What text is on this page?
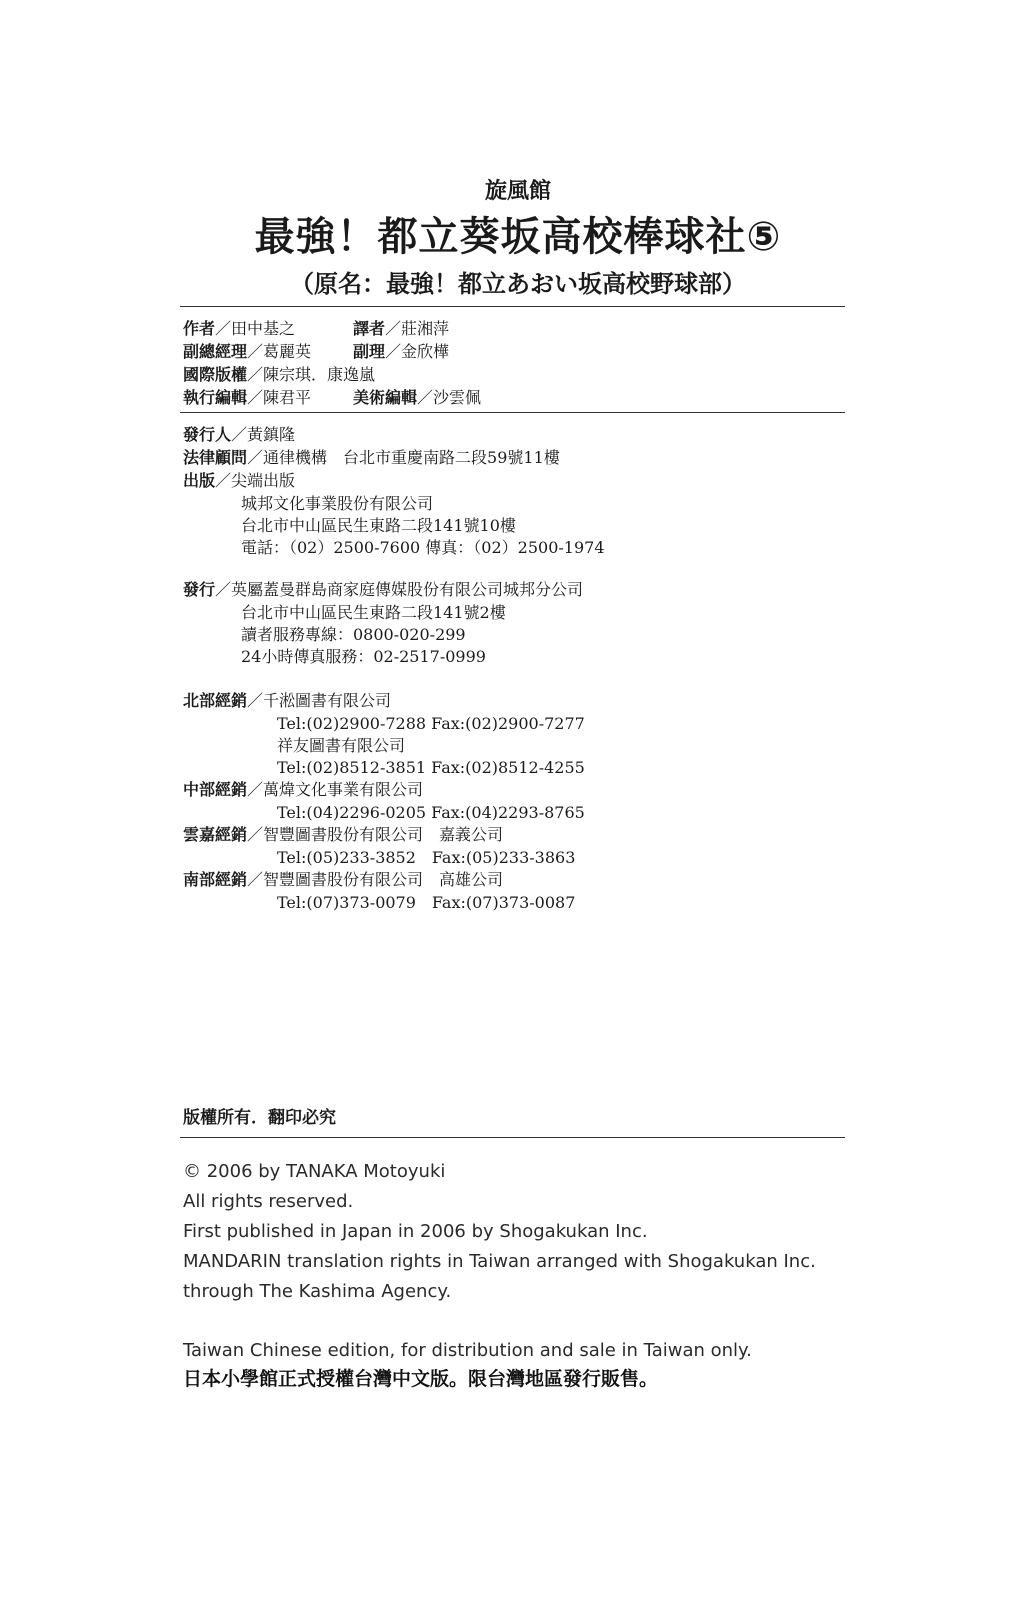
旋風館
最強！都立葵坂高校棒球社⑤
（原名：最強！都立あおい坂高校野球部）
作者／田中基之	譯者／莊湘萍
副總經理／葛麗英	副理／金欣樺
國際版權／陳宗琪．康逸嵐
執行編輯／陳君平	美術編輯／沙雲佩
發行人／黃鎮隆
法律顧問／通律機構　台北市重慶南路二段59號11樓
出版／尖端出版
城邦文化事業股份有限公司
台北市中山區民生東路二段141號10樓
電話：（02）2500-7600 傳真：（02）2500-1974
發行／英屬蓋曼群島商家庭傳媒股份有限公司城邦分公司
台北市中山區民生東路二段141號2樓
讀者服務專線：0800-020-299
24小時傳真服務：02-2517-0999
北部經銷／千淞圖書有限公司
Tel:(02)2900-7288 Fax:(02)2900-7277
祥友圖書有限公司
Tel:(02)8512-3851 Fax:(02)8512-4255
中部經銷／萬煒文化事業有限公司
Tel:(04)2296-0205 Fax:(04)2293-8765
雲嘉經銷／智豐圖書股份有限公司　嘉義公司
Tel:(05)233-3852　Fax:(05)233-3863
南部經銷／智豐圖書股份有限公司　高雄公司
Tel:(07)373-0079　Fax:(07)373-0087
版權所有．翻印必究
© 2006 by TANAKA Motoyuki
All rights reserved.
First published in Japan in 2006 by Shogakukan Inc.
MANDARIN translation rights in Taiwan arranged with Shogakukan Inc.
through The Kashima Agency.
Taiwan Chinese edition, for distribution and sale in Taiwan only.
日本小學館正式授權台灣中文版。限台灣地區發行販售。
